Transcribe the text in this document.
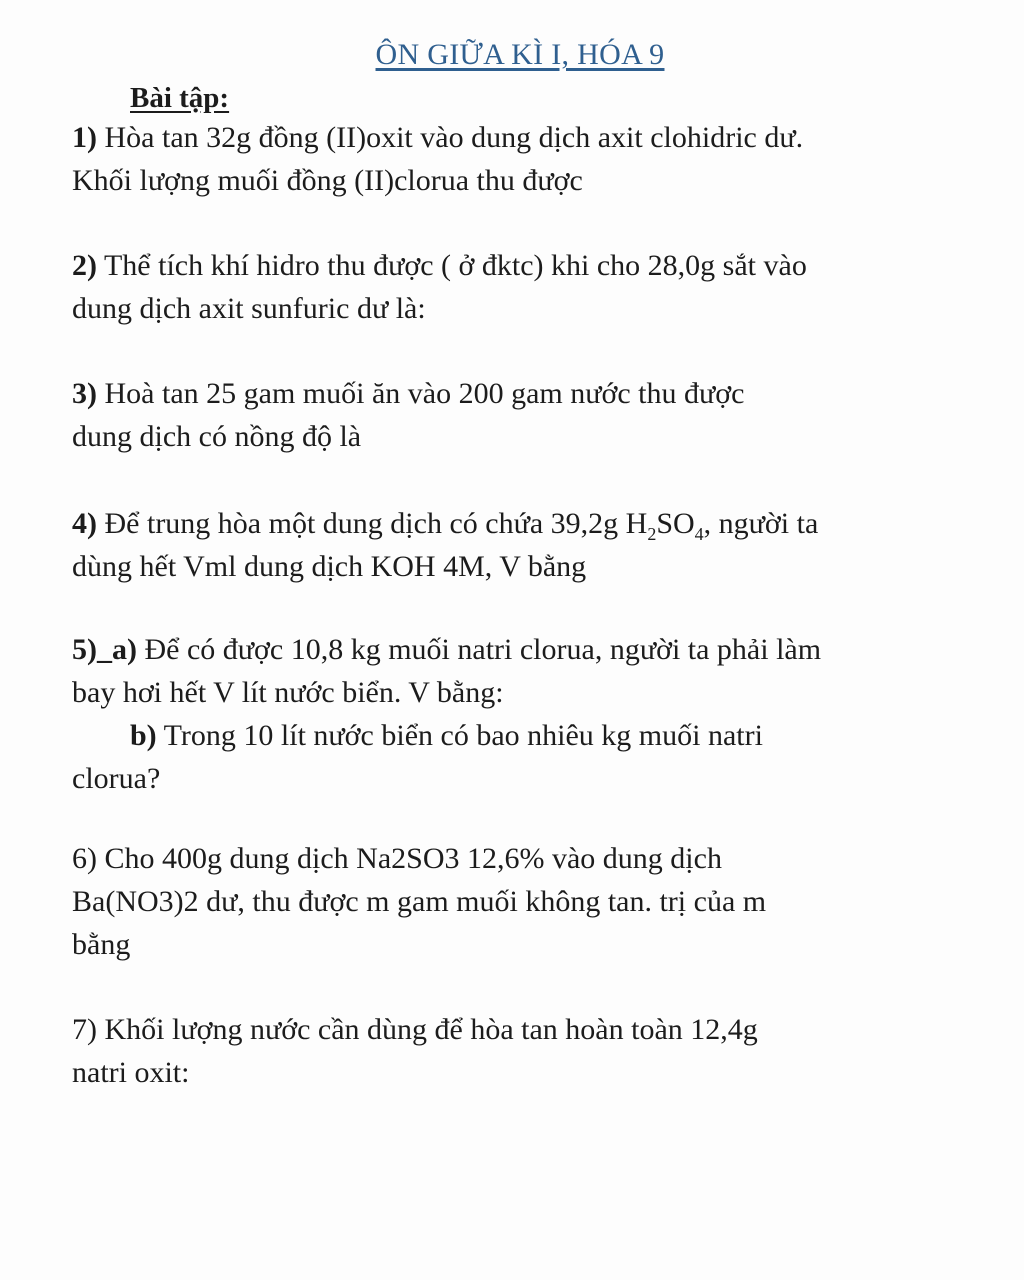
ÔN GIỮA KÌ I, HÓA 9
Bài tập:
1) Hòa tan 32g đồng (II)oxit vào dung dịch axit clohidric dư.
Khối lượng muối đồng (II)clorua thu được
2) Thể tích khí hidro thu được ( ở đktc) khi cho 28,0g sắt vào
dung dịch axit sunfuric dư là:
3) Hoà tan 25 gam muối ăn vào 200 gam nước thu được
dung dịch có nồng độ là
4) Để trung hòa một dung dịch có chứa 39,2g $H_2SO_4$, người ta
dùng hết Vml dung dịch KOH 4M, V bằng
5)_a) Để có được 10,8 kg muối natri clorua, người ta phải làm
bay hơi hết V lít nước biển. V bằng:
b) Trong 10 lít nước biển có bao nhiêu kg muối natri
clorua?
6) Cho 400g dung dịch Na2SO3 12,6% vào dung dịch
Ba(NO3)2 dư, thu được m gam muối không tan. trị của m
bằng
7) Khối lượng nước cần dùng để hòa tan hoàn toàn 12,4g
natri oxit:
